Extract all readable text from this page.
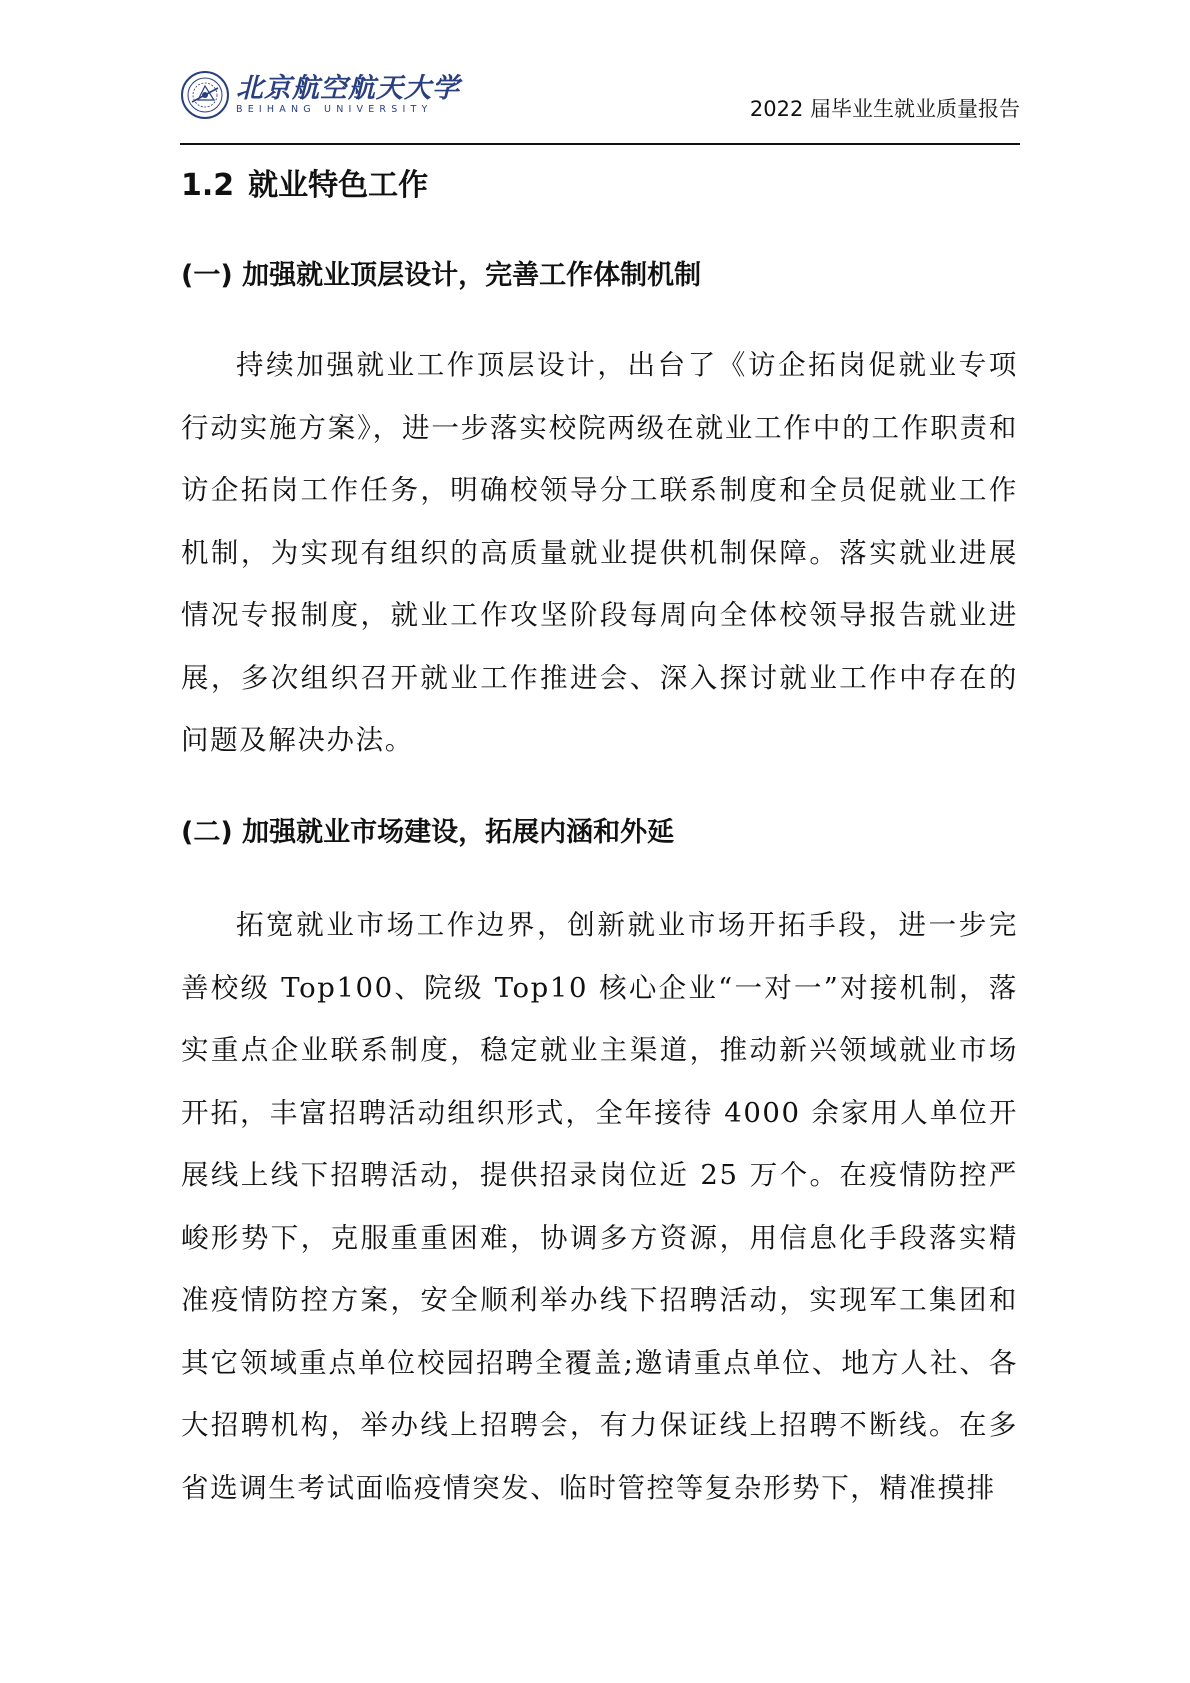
北京航空航天大学
BEIHANG UNIVERSITY	2022 届毕业生就业质量报告
1.2 就业特色工作
(一) 加强就业顶层设计，完善工作体制机制

持续加强就业工作顶层设计，出台了《访企拓岗促就业专项行动实施方案》，进一步落实校院两级在就业工作中的工作职责和访企拓岗工作任务，明确校领导分工联系制度和全员促就业工作机制，为实现有组织的高质量就业提供机制保障。落实就业进展情况专报制度，就业工作攻坚阶段每周向全体校领导报告就业进展，多次组织召开就业工作推进会、深入探讨就业工作中存在的问题及解决办法。

(二) 加强就业市场建设，拓展内涵和外延

拓宽就业市场工作边界，创新就业市场开拓手段，进一步完善校级 Top100、院级 Top10 核心企业“一对一”对接机制，落实重点企业联系制度，稳定就业主渠道，推动新兴领域就业市场开拓，丰富招聘活动组织形式，全年接待 4000 余家用人单位开展线上线下招聘活动，提供招录岗位近 25 万个。在疫情防控严峻形势下，克服重重困难，协调多方资源，用信息化手段落实精准疫情防控方案，安全顺利举办线下招聘活动，实现军工集团和其它领域重点单位校园招聘全覆盖;邀请重点单位、地方人社、各大招聘机构，举办线上招聘会，有力保证线上招聘不断线。在多省选调生考试面临疫情突发、临时管控等复杂形势下，精准摸排
